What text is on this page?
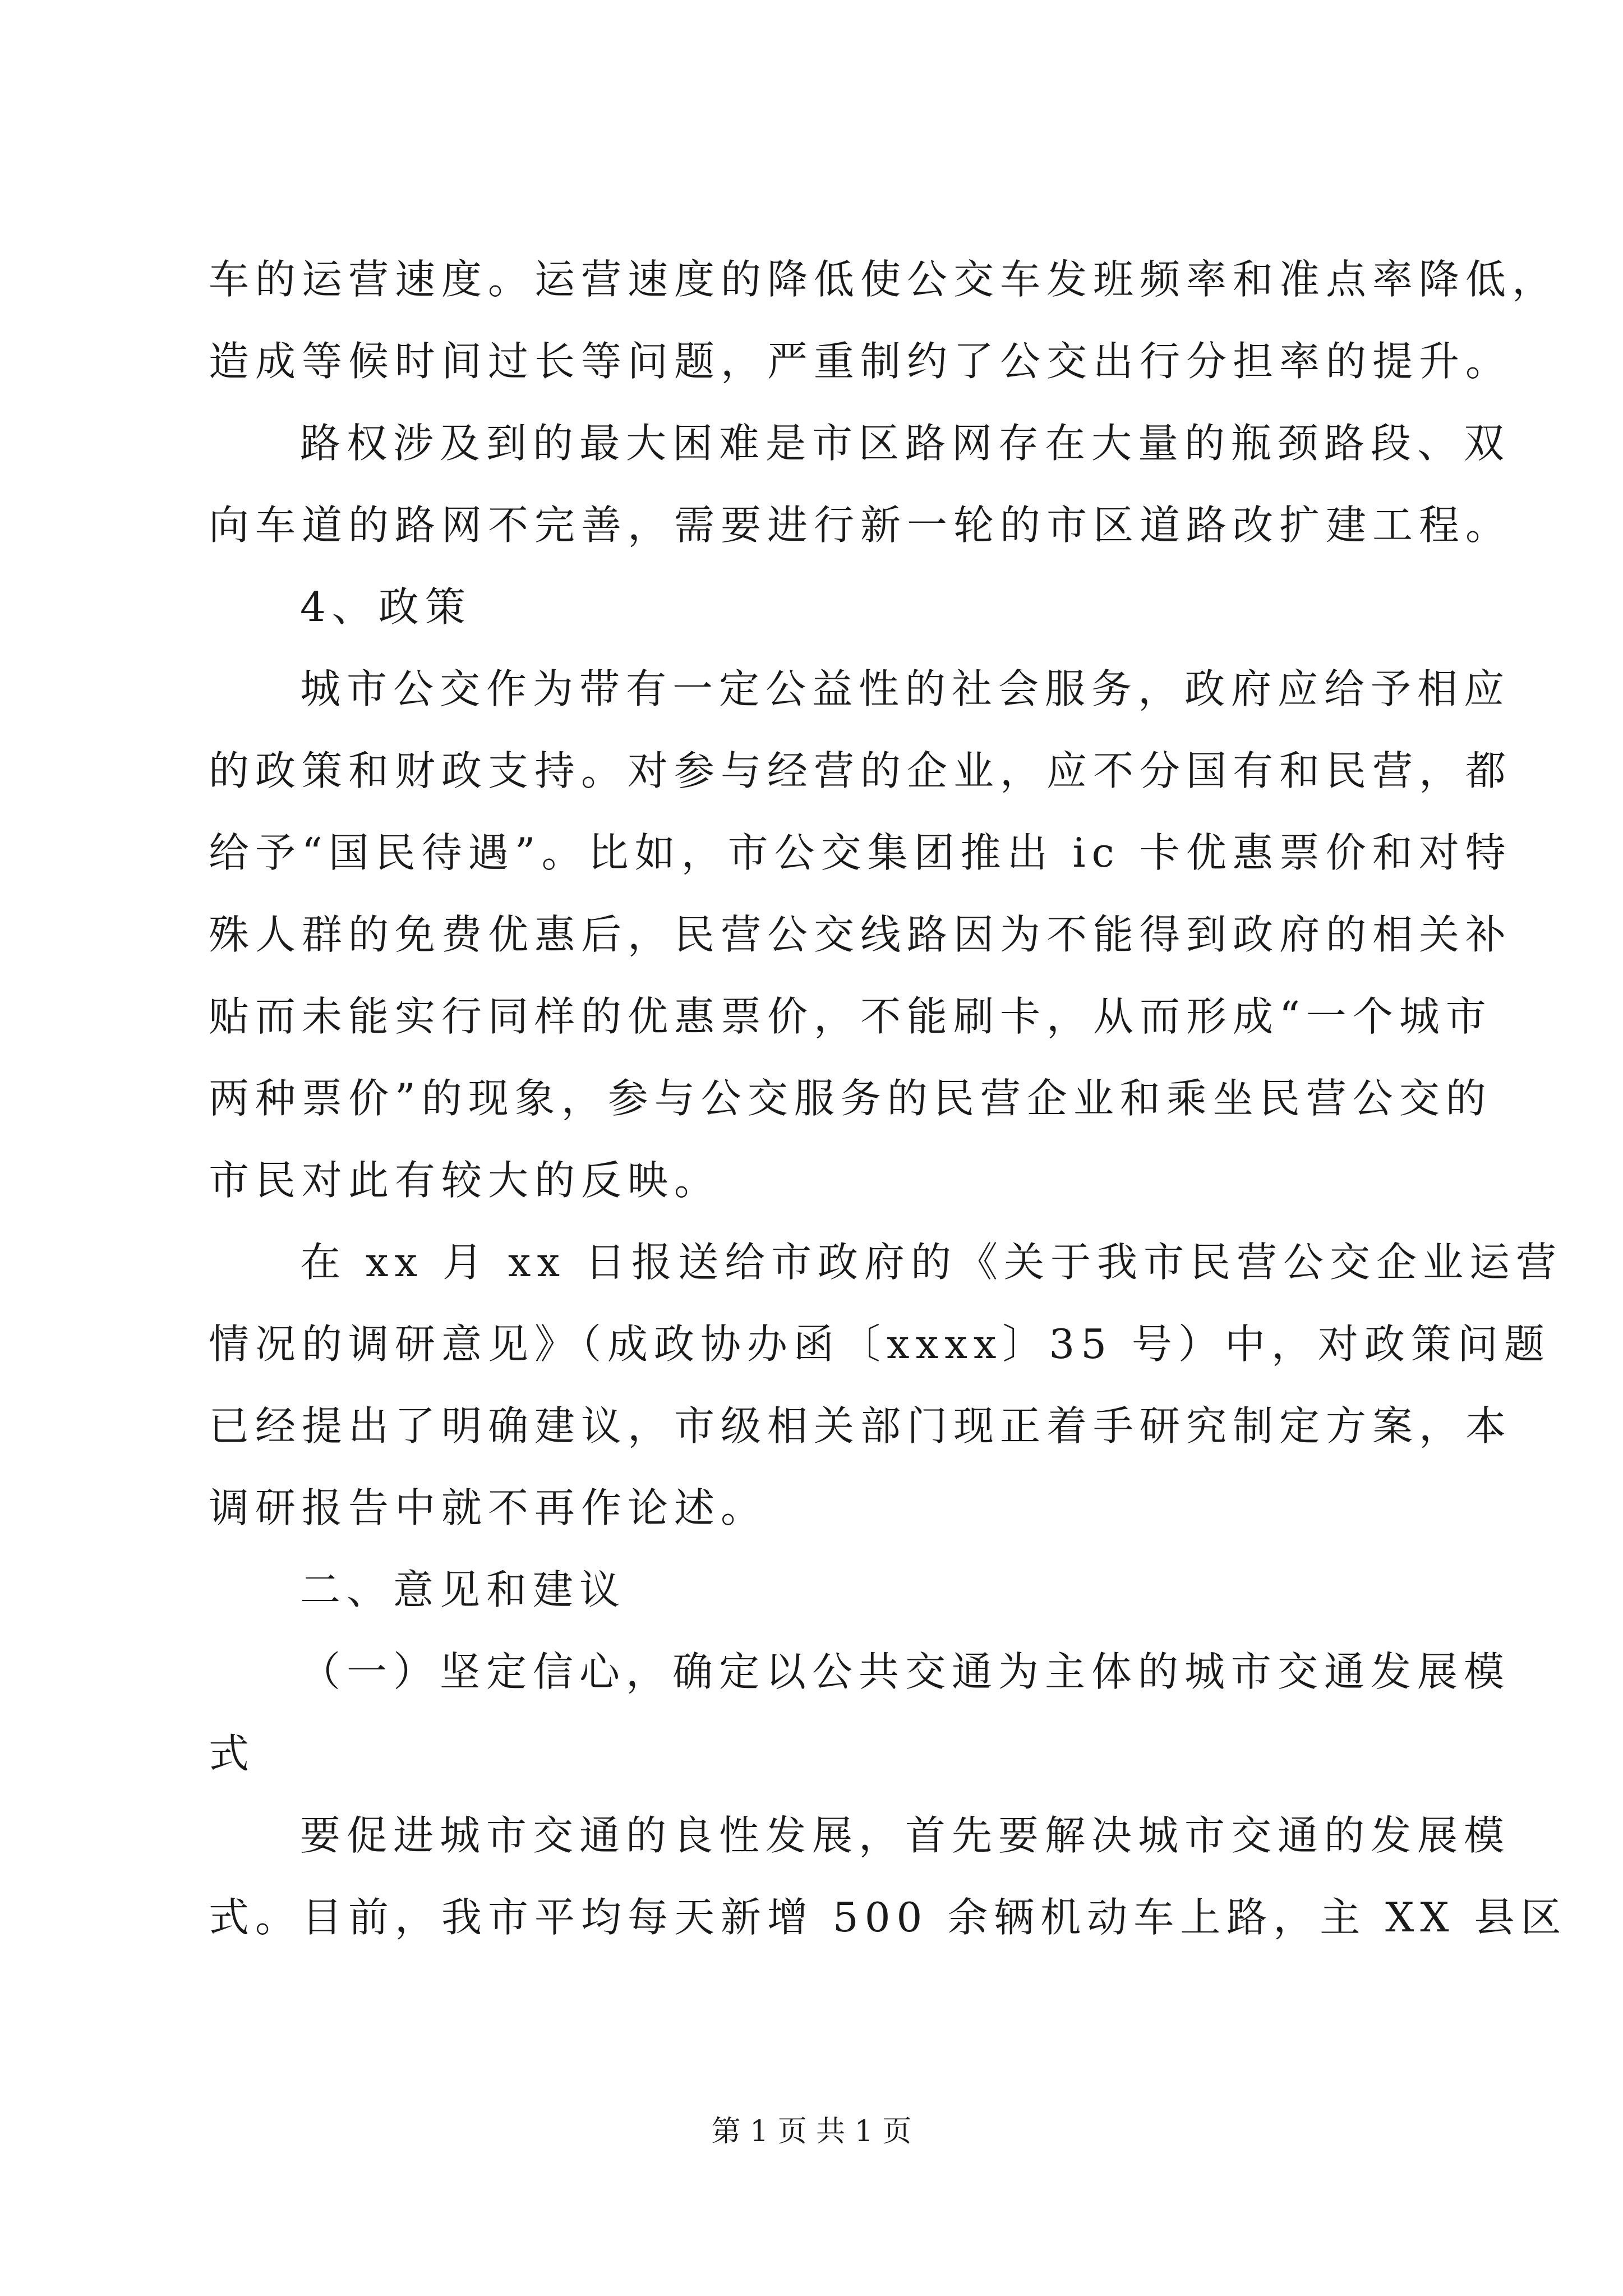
车的运营速度。运营速度的降低使公交车发班频率和准点率降低，
造成等候时间过长等问题，严重制约了公交出行分担率的提升。
路权涉及到的最大困难是市区路网存在大量的瓶颈路段、双
向车道的路网不完善，需要进行新一轮的市区道路改扩建工程。
4、政策
城市公交作为带有一定公益性的社会服务，政府应给予相应
的政策和财政支持。对参与经营的企业，应不分国有和民营，都
给予“国民待遇”。比如，市公交集团推出 ic 卡优惠票价和对特
殊人群的免费优惠后，民营公交线路因为不能得到政府的相关补
贴而未能实行同样的优惠票价，不能刷卡，从而形成“一个城市
两种票价”的现象，参与公交服务的民营企业和乘坐民营公交的
市民对此有较大的反映。
在 xx 月 xx 日报送给市政府的《关于我市民营公交企业运营
情况的调研意见》（成政协办函〔xxxx〕35 号）中，对政策问题
已经提出了明确建议，市级相关部门现正着手研究制定方案，本
调研报告中就不再作论述。
二、意见和建议
（一）坚定信心，确定以公共交通为主体的城市交通发展模
式
要促进城市交通的良性发展，首先要解决城市交通的发展模
式。目前，我市平均每天新增 500 余辆机动车上路，主 XX 县区
第 1 页 共 1 页
